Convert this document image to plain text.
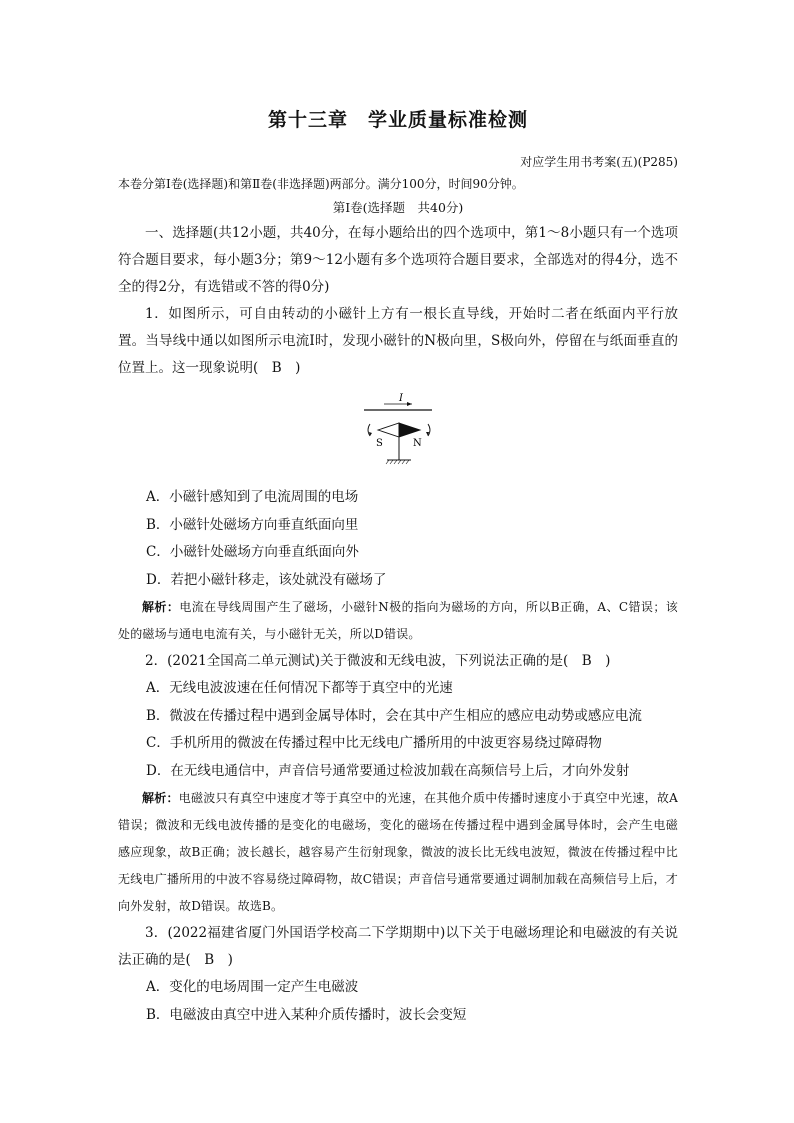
第十三章　学业质量标准检测
对应学生用书考案(五)(P285)
本卷分第Ⅰ卷(选择题)和第Ⅱ卷(非选择题)两部分。满分100分，时间90分钟。
第Ⅰ卷(选择题　共40分)

一、选择题(共12小题，共40分，在每小题给出的四个选项中，第1～8小题只有一个选项符合题目要求，每小题3分；第9～12小题有多个选项符合题目要求，全部选对的得4分，选不全的得2分，有选错或不答的得0分)

1．如图所示，可自由转动的小磁针上方有一根长直导线，开始时二者在纸面内平行放置。当导线中通以如图所示电流I时，发现小磁针的N极向里，S极向外，停留在与纸面垂直的位置上。这一现象说明(　B　)

I
S	N
A．小磁针感知到了电流周围的电场
B．小磁针处磁场方向垂直纸面向里
C．小磁针处磁场方向垂直纸面向外
D．若把小磁针移走，该处就没有磁场了

解析：电流在导线周围产生了磁场，小磁针N极的指向为磁场的方向，所以B正确，A、C错误；该处的磁场与通电电流有关，与小磁针无关，所以D错误。

2．(2021全国高二单元测试)关于微波和无线电波，下列说法正确的是(　B　)

A．无线电波波速在任何情况下都等于真空中的光速
B．微波在传播过程中遇到金属导体时，会在其中产生相应的感应电动势或感应电流
C．手机所用的微波在传播过程中比无线电广播所用的中波更容易绕过障碍物
D．在无线电通信中，声音信号通常要通过检波加载在高频信号上后，才向外发射

解析：电磁波只有真空中速度才等于真空中的光速，在其他介质中传播时速度小于真空中光速，故A错误；微波和无线电波传播的是变化的电磁场，变化的磁场在传播过程中遇到金属导体时，会产生电磁感应现象，故B正确；波长越长，越容易产生衍射现象，微波的波长比无线电波短，微波在传播过程中比无线电广播所用的中波不容易绕过障碍物，故C错误；声音信号通常要通过调制加载在高频信号上后，才向外发射，故D错误。故选B。

3．(2022福建省厦门外国语学校高二下学期期中)以下关于电磁场理论和电磁波的有关说法正确的是(　B　)

A．变化的电场周围一定产生电磁波
B．电磁波由真空中进入某种介质传播时，波长会变短
